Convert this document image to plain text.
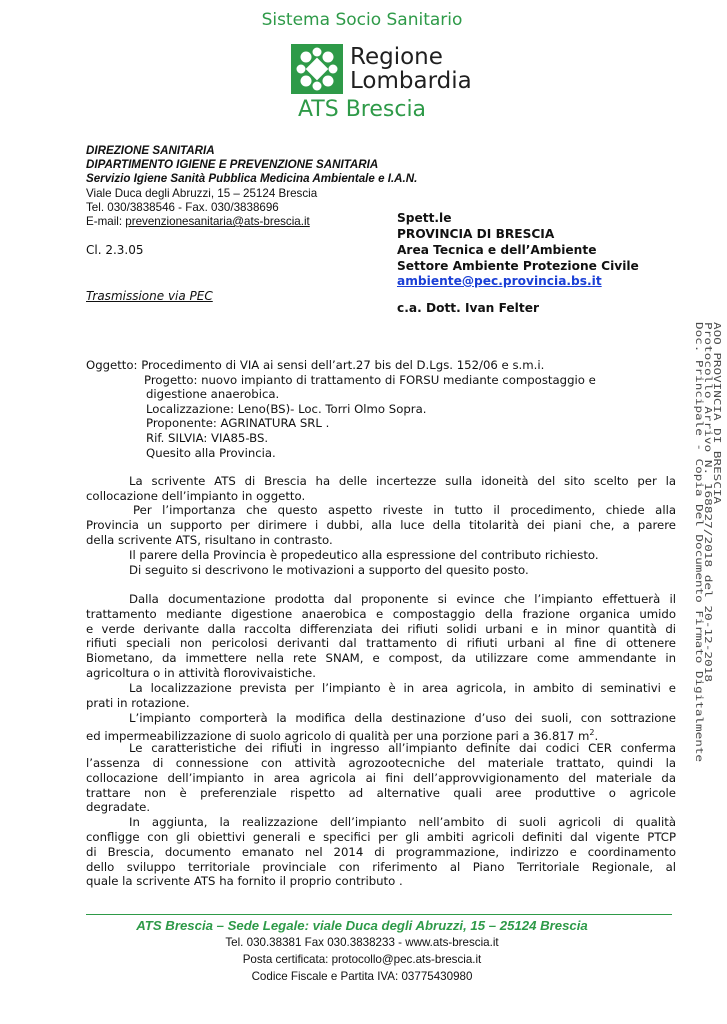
Sistema Socio Sanitario
Regione
Lombardia
ATS Brescia
DIREZIONE SANITARIA
DIPARTIMENTO IGIENE E PREVENZIONE SANITARIA
Servizio Igiene Sanità Pubblica Medicina Ambientale e I.A.N.
Viale Duca degli Abruzzi, 15 – 25124 Brescia
Tel. 030/3838546 - Fax. 030/3838696
E-mail: prevenzionesanitaria@ats-brescia.it
Cl. 2.3.05
Trasmissione via PEC
Spett.le
PROVINCIA DI BRESCIA
Area Tecnica e dell’Ambiente
Settore Ambiente Protezione Civile
ambiente@pec.provincia.bs.it
c.a. Dott. Ivan Felter
Oggetto: Procedimento di VIA ai sensi dell’art.27 bis del D.Lgs. 152/06 e s.m.i.
Progetto: nuovo impianto di trattamento di FORSU mediante compostaggio e
digestione anaerobica.
Localizzazione: Leno(BS)- Loc. Torri Olmo Sopra.
Proponente: AGRINATURA SRL .
Rif. SILVIA: VIA85-BS.
Quesito alla Provincia.
La scrivente ATS di Brescia ha delle incertezze sulla idoneità del sito scelto per la
collocazione dell’impianto in oggetto.
Per l’importanza che questo aspetto riveste in tutto il procedimento, chiede alla
Provincia un supporto per dirimere i dubbi, alla luce della titolarità dei piani che, a parere
della scrivente ATS, risultano in contrasto.
Il parere della Provincia è propedeutico alla espressione del contributo richiesto.
Di seguito si descrivono le motivazioni a supporto del quesito posto.
Dalla documentazione prodotta dal proponente si evince che l’impianto effettuerà il
trattamento mediante digestione anaerobica e compostaggio della frazione organica umido
e verde derivante dalla raccolta differenziata dei rifiuti solidi urbani e in minor quantità di
rifiuti speciali non pericolosi derivanti dal trattamento di rifiuti urbani al fine di ottenere
Biometano, da immettere nella rete SNAM, e compost, da utilizzare come ammendante in
agricoltura o in attività florovivaistiche.
La localizzazione prevista per l’impianto è in area agricola, in ambito di seminativi e
prati in rotazione.
L’impianto comporterà la modifica della destinazione d’uso dei suoli, con sottrazione
ed impermeabilizzazione di suolo agricolo di qualità per una porzione pari a 36.817 $m^2$.
Le caratteristiche dei rifiuti in ingresso all’impianto definite dai codici CER conferma
l’assenza di connessione con attività agrozootecniche del materiale trattato, quindi la
collocazione dell’impianto in area agricola ai fini dell’approvvigionamento del materiale da
trattare non è preferenziale rispetto ad alternative quali aree produttive o agricole
degradate.
In aggiunta, la realizzazione dell’impianto nell’ambito di suoli agricoli di qualità
confligge con gli obiettivi generali e specifici per gli ambiti agricoli definiti dal vigente PTCP
di Brescia, documento emanato nel 2014 di programmazione, indirizzo e coordinamento
dello sviluppo territoriale provinciale con riferimento al Piano Territoriale Regionale, al
quale la scrivente ATS ha fornito il proprio contributo .
AOO PROVINCIA DI BRESCIA
Protocollo Arrivo N. 168827/2018 del 20-12-2018
Doc. Principale - Copia Del Documento Firmato Digitalmente
ATS Brescia – Sede Legale: viale Duca degli Abruzzi, 15 – 25124 Brescia
Tel. 030.38381 Fax 030.3838233 - www.ats-brescia.it
Posta certificata: protocollo@pec.ats-brescia.it
Codice Fiscale e Partita IVA: 03775430980
